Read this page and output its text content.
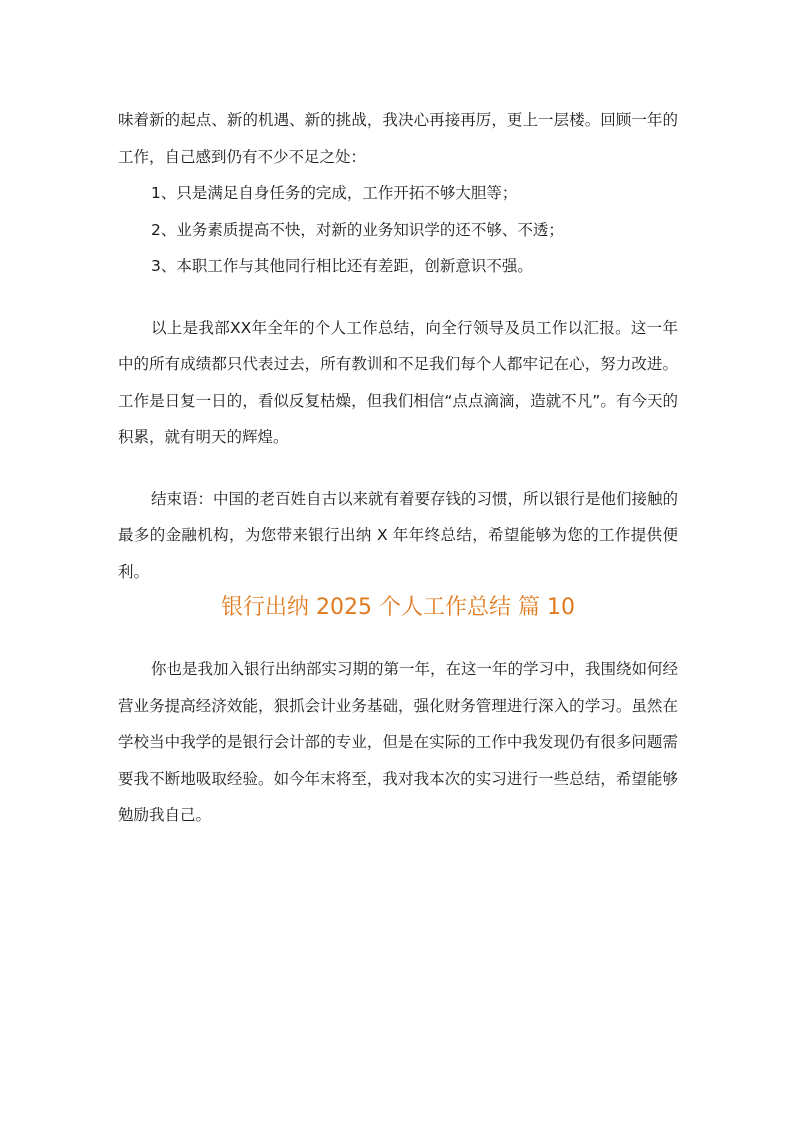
味着新的起点、新的机遇、新的挑战，我决心再接再厉，更上一层楼。回顾一年的工作，自己感到仍有不少不足之处：

1、只是满足自身任务的完成，工作开拓不够大胆等；

2、业务素质提高不快，对新的业务知识学的还不够、不透；

3、本职工作与其他同行相比还有差距，创新意识不强。

以上是我部XX年全年的个人工作总结，向全行领导及员工作以汇报。这一年中的所有成绩都只代表过去，所有教训和不足我们每个人都牢记在心，努力改进。工作是日复一日的，看似反复枯燥，但我们相信“点点滴滴，造就不凡”。有今天的积累，就有明天的辉煌。

结束语：中国的老百姓自古以来就有着要存钱的习惯，所以银行是他们接触的最多的金融机构，为您带来银行出纳 X 年年终总结，希望能够为您的工作提供便利。

银行出纳 2025 个人工作总结 篇 10

你也是我加入银行出纳部实习期的第一年，在这一年的学习中，我围绕如何经营业务提高经济效能，狠抓会计业务基础，强化财务管理进行深入的学习。虽然在学校当中我学的是银行会计部的专业，但是在实际的工作中我发现仍有很多问题需要我不断地吸取经验。如今年末将至，我对我本次的实习进行一些总结，希望能够勉励我自己。
